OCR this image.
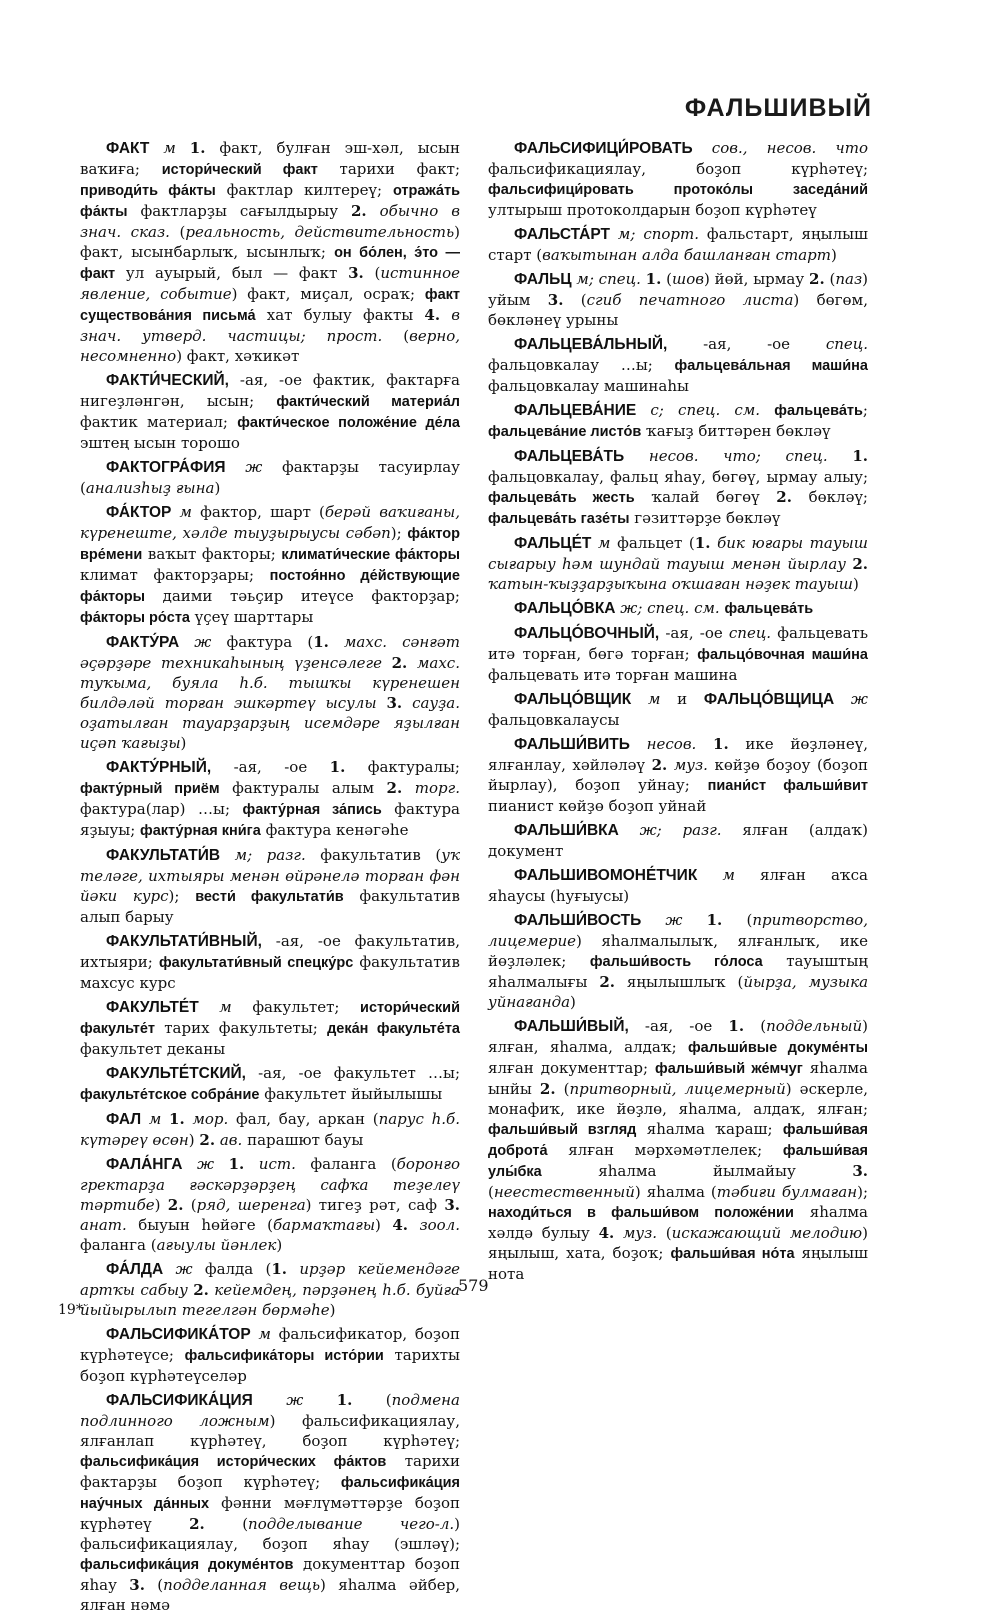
ФАЛЬШИВЫЙ

ФАКТ м 1. факт, булған эш-хәл, ысын ваҡиға; истори́ческий факт тарихи факт; приводи́ть фа́кты фактлар килтереү; отража́ть фа́кты фактларҙы сағылдырыу 2. обычно в знач. сказ. (реальность, действительность) факт, ысынбарлыҡ, ысынлыҡ; он бо́лен, э́то — факт ул ауырый, был — факт 3. (истинное явление, событие) факт, миҫал, осраҡ; факт существова́ния письма́ хат булыу факты 4. в знач. утверд. частицы; прост. (верно, несомненно) факт, хәҡикәт

ФАКТИ́ЧЕСКИЙ, -ая, -ое фактик, фактарға нигеҙләнгән, ысын; факти́ческий материа́л фактик материал; факти́ческое положе́ние де́ла эштең ысын торошо

ФАКТОГРА́ФИЯ ж фактарҙы тасуирлау (анализһыҙ ғына)

ФА́КТОР м фактор, шарт (берәй ваҡиғаны, күренеште, хәлде тыуҙырыусы сәбәп); фа́ктор вре́мени ваҡыт факторы; климати́ческие фа́кторы климат факторҙары; постоя́нно де́йствующие фа́кторы даими тәьҫир итеүсе факторҙар; фа́кторы ро́ста үҫеү шарттары

ФАКТУ́РА ж фактура (1. махс. сәнғәт әҫәрҙәре техникаһының үҙенсәлеге 2. махс. туҡыма, буяла һ.б. тышҡы күренешен билдәләй торған эшкәртеү ысулы 3. сауҙа. оҙатылған тауарҙарҙың исемдәре яҙылған иҫәп ҡағыҙы)

ФАКТУ́РНЫЙ, -ая, -ое 1. фактуралы; факту́рный приём фактуралы алым 2. торг. фактура(лар) …ы; факту́рная за́пись фактура яҙыуы; факту́рная кни́га фактура кенәгәһе

ФАКУЛЬТАТИ́В м; разг. факультатив (уҡ телəге, ихтыяры менән өйрәнелә торған фән йәки курс); вести́ факультати́в факультатив алып барыу

ФАКУЛЬТАТИ́ВНЫЙ, -ая, -ое факультатив, ихтыяри; факультати́вный спецку́рс факультатив махсус курс

ФАКУЛЬТЕ́Т м факультет; истори́ческий факульте́т тарих факультеты; дека́н факульте́та факультет деканы

ФАКУЛЬТЕ́ТСКИЙ, -ая, -ое факультет …ы; факульте́тское собра́ние факультет йыйылышы

ФАЛ м 1. мор. фал, бау, аркан (парус һ.б. күтәреү өсөн) 2. ав. парашют бауы

ФАЛА́НГА ж 1. ист. фаланга (боронғо гректарҙа ғәскәрҙәрҙең сафҡа теҙелеү тәртибе) 2. (ряд, шеренга) тигеҙ рәт, саф 3. анат. быуын һөйәге (бармаҡтағы) 4. зоол. фаланга (ағыулы йәнлек)

ФА́ЛДА ж фалда (1. ирҙәр кейемендәге артҡы сабыу 2. кейемдең, пәрҙәнең һ.б. буйға йыйырылып тегелгән бөрмәһе)

ФАЛЬСИФИКА́ТОР м фальсификатор, боҙоп күрһәтеүсе; фальсифика́торы исто́рии тарихты боҙоп күрһәтеүселәр

ФАЛЬСИФИКА́ЦИЯ ж 1. (подмена подлинного ложным) фальсификациялау, ялғанлап күрһәтеү, боҙоп күрһәтеү; фальсифика́ция истори́ческих фа́ктов тарихи фактарҙы боҙоп күрһәтеү; фальсифика́ция нау́чных да́нных фәнни мәғлүмәттәрҙе боҙоп күрһәтеү 2. (подделывание чего-л.) фальсификациялау, боҙоп яһау (эшләү); фальсифика́ция докуме́нтов документтар боҙоп яһау 3. (подделанная вещь) яһалма әйбер, ялған нәмә

ФАЛЬСИФИЦИ́РОВАТЬ сов., несов. что фальсификациялау, боҙоп күрһәтеү; фальсифици́ровать протоко́лы заседа́ний ултырыш протоколдарын боҙоп күрһәтеү

ФАЛЬСТА́РТ м; спорт. фальстарт, яңылыш старт (ваҡытынан алда башланған старт)

ФАЛЬЦ м; спец. 1. (шов) йөй, ырмау 2. (паз) уйым 3. (сгиб печатного листа) бөгөм, бөкләнеү урыны

ФАЛЬЦЕВА́ЛЬНЫЙ, -ая, -ое спец. фальцовкалау …ы; фальцева́льная маши́на фальцовкалау машинаһы

ФАЛЬЦЕВА́НИЕ с; спец. см. фальцева́ть; фальцева́ние листо́в ҡағыҙ биттәрен бөкләү

ФАЛЬЦЕВА́ТЬ несов. что; спец. 1. фальцовкалау, фальц яһау, бөгөү, ырмау алыу; фальцева́ть жесть ҡалай бөгөү 2. бөкләү; фальцева́ть газе́ты гәзиттәрҙе бөкләү

ФАЛЬЦЕ́Т м фальцет (1. бик юғары тауыш сығарыу һәм шундай тауыш менән йырлау 2. ҡатын-ҡыҙҙарҙыҡына оҡшаған нәҙек тауыш)

ФАЛЬЦО́ВКА ж; спец. см. фальцева́ть

ФАЛЬЦО́ВОЧНЫЙ, -ая, -ое спец. фальцевать итә торған, бөгә торған; фальцо́вочная маши́на фальцевать итә торған машина

ФАЛЬЦО́ВЩИК м и ФАЛЬЦО́ВЩИЦА ж фальцовкалаусы

ФАЛЬШИ́ВИТЬ несов. 1. ике йөҙләнеү, ялғанлау, хәйләләү 2. муз. көйҙө боҙоу (боҙоп йырлау), боҙоп уйнау; пиани́ст фальши́вит пианист көйҙө боҙоп уйнай

ФАЛЬШИ́ВКА ж; разг. ялған (алдаҡ) документ

ФАЛЬШИВОМОНЕ́ТЧИК м ялған аҡса яһаусы (һуғыусы)

ФАЛЬШИ́ВОСТЬ ж 1. (притворство, лицемерие) яһалмалылыҡ, ялғанлыҡ, ике йөҙләлек; фальши́вость го́лоса тауыштың яһалмалығы 2. яңылышлыҡ (йырҙа, музыка уйнағанда)

ФАЛЬШИ́ВЫЙ, -ая, -ое 1. (поддельный) ялған, яһалма, алдаҡ; фальши́вые докуме́нты ялған документтар; фальши́вый же́мчуг яһалма ынйы 2. (притворный, лицемерный) әскерле, монафиҡ, ике йөҙлө, яһалма, алдаҡ, ялған; фальши́вый взгляд яһалма ҡараш; фальши́вая доброта́ ялған мәрхәмәтлелек; фальши́вая улы́бка яһалма йылмайыу 3. (неестественный) яһалма (тәбиғи булмаған); находи́ться в фальши́вом положе́нии яһалма хәлдә булыу 4. муз. (искажающий мелодию) яңылыш, хата, боҙоҡ; фальши́вая но́та яңылыш нота

579
19*
